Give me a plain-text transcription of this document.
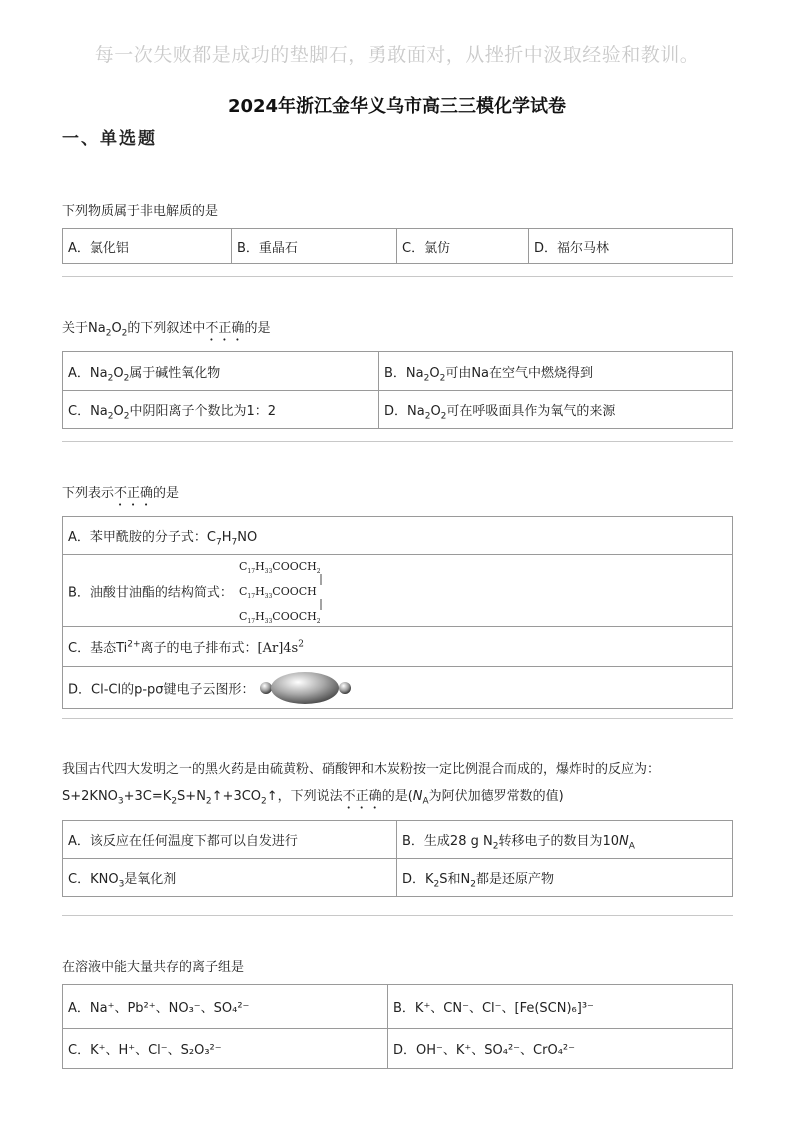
每一次失败都是成功的垫脚石，勇敢面对，从挫折中汲取经验和教训。
2024年浙江金华义乌市高三三模化学试卷
一、单选题
下列物质属于非电解质的是
A．氯化铝	B．重晶石	C．氯仿	D．福尔马林
关于$Na_2O_2$的下列叙述中不正确的是
A．$Na_2O_2$属于碱性氧化物	B．$Na_2O_2$可由Na在空气中燃烧得到
C．$Na_2O_2$中阴阳离子个数比为1：2	D．$Na_2O_2$可在呼吸面具作为氧气的来源
下列表示不正确的是
A．苯甲酰胺的分子式：$C_7H_7NO$
B．油酸甘油酯的结构简式：
$C_{17}H_{33}COOCH_2$
$C_{17}H_{33}COOCH$
$C_{17}H_{33}COOCH_2$

C．基态$Ti^{2+}$离子的电子排布式：$[Ar]4s^2$
D．Cl-Cl的p-pσ键电子云图形：
我国古代四大发明之一的黑火药是由硫黄粉、硝酸钾和木炭粉按一定比例混合而成的，爆炸时的反应为：
$S+2KNO_3+3C=K_2S+N_2↑+3CO_2↑$，下列说法不正确的是($N_A$为阿伏加德罗常数的值)
A．该反应在任何温度下都可以自发进行	B．生成28 g $N_2$转移电子的数目为$10N_A$
C．$KNO_3$是氧化剂	D．$K_2S$和$N_2$都是还原产物
在溶液中能大量共存的离子组是
A．Na⁺、Pb²⁺、NO₃⁻、SO₄²⁻	B．K⁺、CN⁻、Cl⁻、[Fe(SCN)₆]³⁻
C．K⁺、H⁺、Cl⁻、S₂O₃²⁻	D．OH⁻、K⁺、SO₄²⁻、CrO₄²⁻
